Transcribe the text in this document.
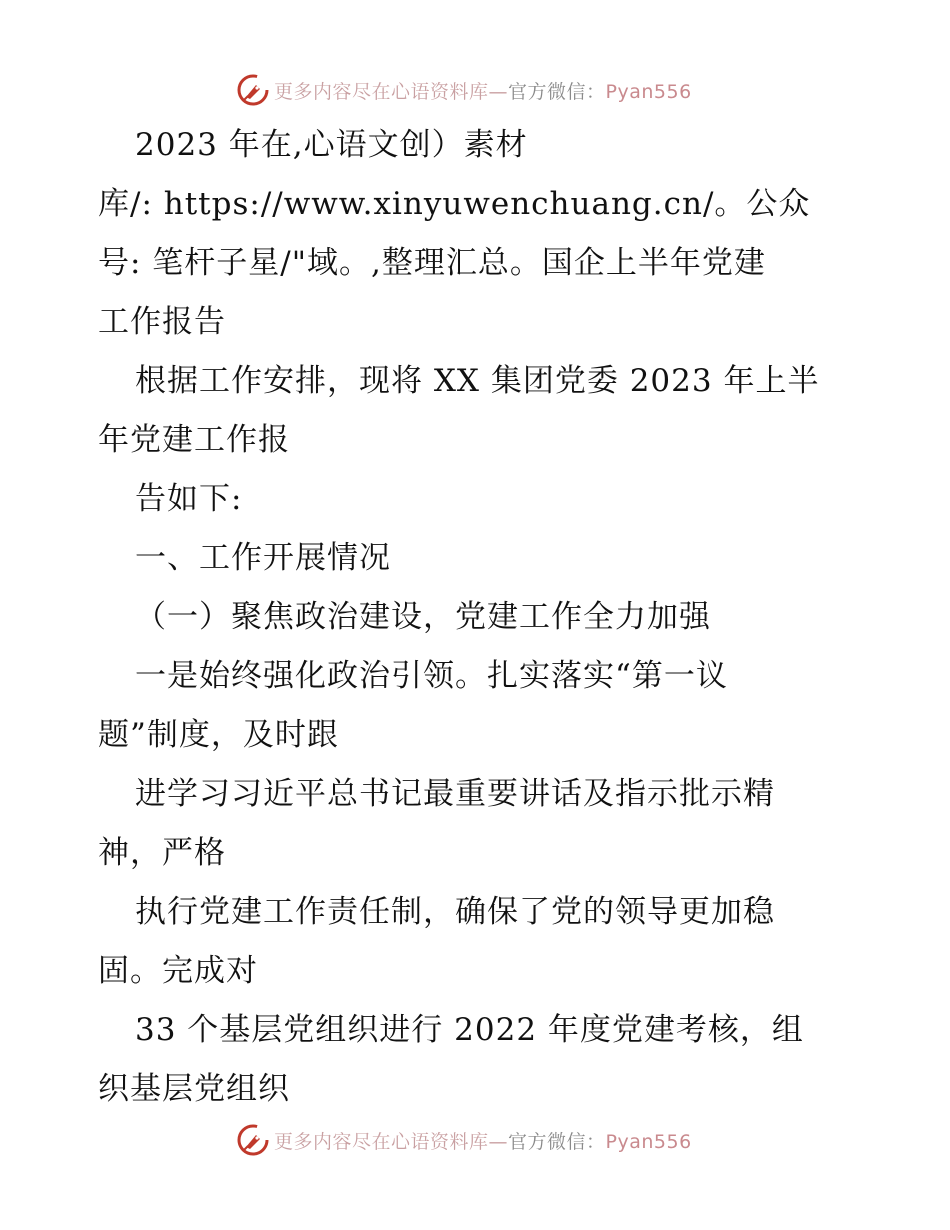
更多内容尽在心语资料库—官方微信：Pyan556
2023 年在,心语文创）素材
库/: https://www.xinyuwenchuang.cn/。公众
号: 笔杆子星/"域。,整理汇总。国企上半年党建
工作报告
根据工作安排，现将 XX 集团党委 2023 年上半
年党建工作报
告如下:
一、工作开展情况
（一）聚焦政治建设，党建工作全力加强
一是始终强化政治引领。扎实落实“第一议
题”制度，及时跟
进学习习近平总书记最重要讲话及指示批示精
神，严格
执行党建工作责任制，确保了党的领导更加稳
固。完成对
33 个基层党组织进行 2022 年度党建考核，组
织基层党组织
更多内容尽在心语资料库—官方微信：Pyan556
